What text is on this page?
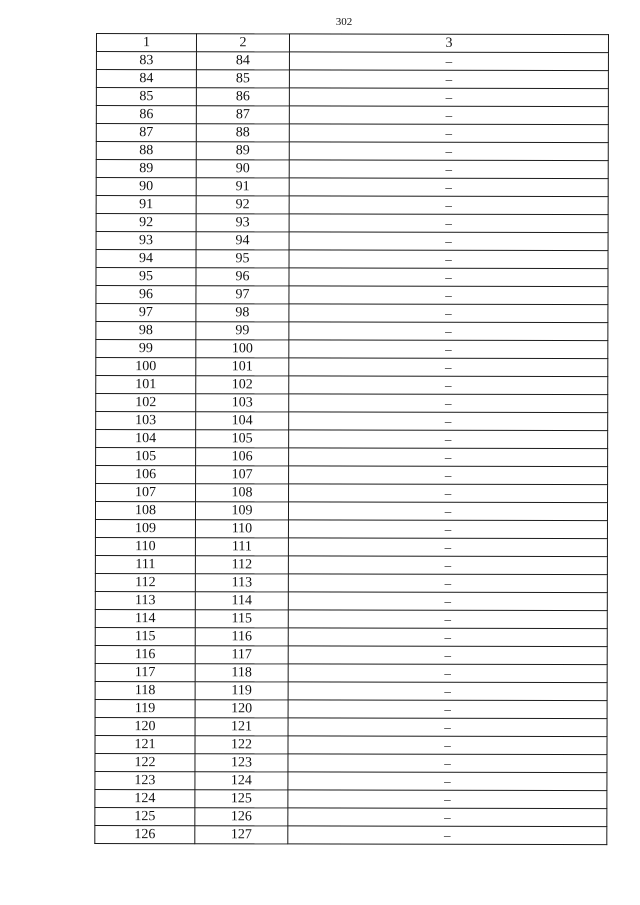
302
1	2	3
83	84	–
84	85	–
85	86	–
86	87	–
87	88	–
88	89	–
89	90	–
90	91	–
91	92	–
92	93	–
93	94	–
94	95	–
95	96	–
96	97	–
97	98	–
98	99	–
99	100	–
100	101	–
101	102	–
102	103	–
103	104	–
104	105	–
105	106	–
106	107	–
107	108	–
108	109	–
109	110	–
110	111	–
111	112	–
112	113	–
113	114	–
114	115	–
115	116	–
116	117	–
117	118	–
118	119	–
119	120	–
120	121	–
121	122	–
122	123	–
123	124	–
124	125	–
125	126	–
126	127	–
